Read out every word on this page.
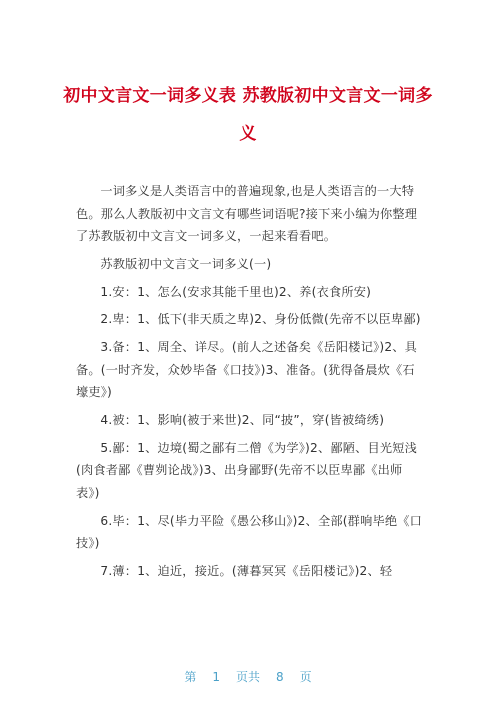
初中文言文一词多义表 苏教版初中文言文一词多义

一词多义是人类语言中的普遍现象,也是人类语言的一大特色。那么人教版初中文言文有哪些词语呢?接下来小编为你整理了苏教版初中文言文一词多义，一起来看看吧。

苏教版初中文言文一词多义(一)

1.安：1、怎么(安求其能千里也)2、养(衣食所安)

2.卑：1、低下(非天质之卑)2、身份低微(先帝不以臣卑鄙)

3.备：1、周全、详尽。(前人之述备矣《岳阳楼记》)2、具备。(一时齐发，众妙毕备《口技》)3、准备。(犹得备晨炊《石壕吏》)

4.被：1、影响(被于来世)2、同“披”，穿(皆被绮绣)

5.鄙：1、边境(蜀之鄙有二僧《为学》)2、鄙陋、目光短浅(肉食者鄙《曹刿论战》)3、出身鄙野(先帝不以臣卑鄙《出师表》)

6.毕：1、尽(毕力平险《愚公移山》)2、全部(群响毕绝《口技》)

7.薄：1、迫近，接近。(薄暮冥冥《岳阳楼记》)2、轻

第 1 页共 8 页
